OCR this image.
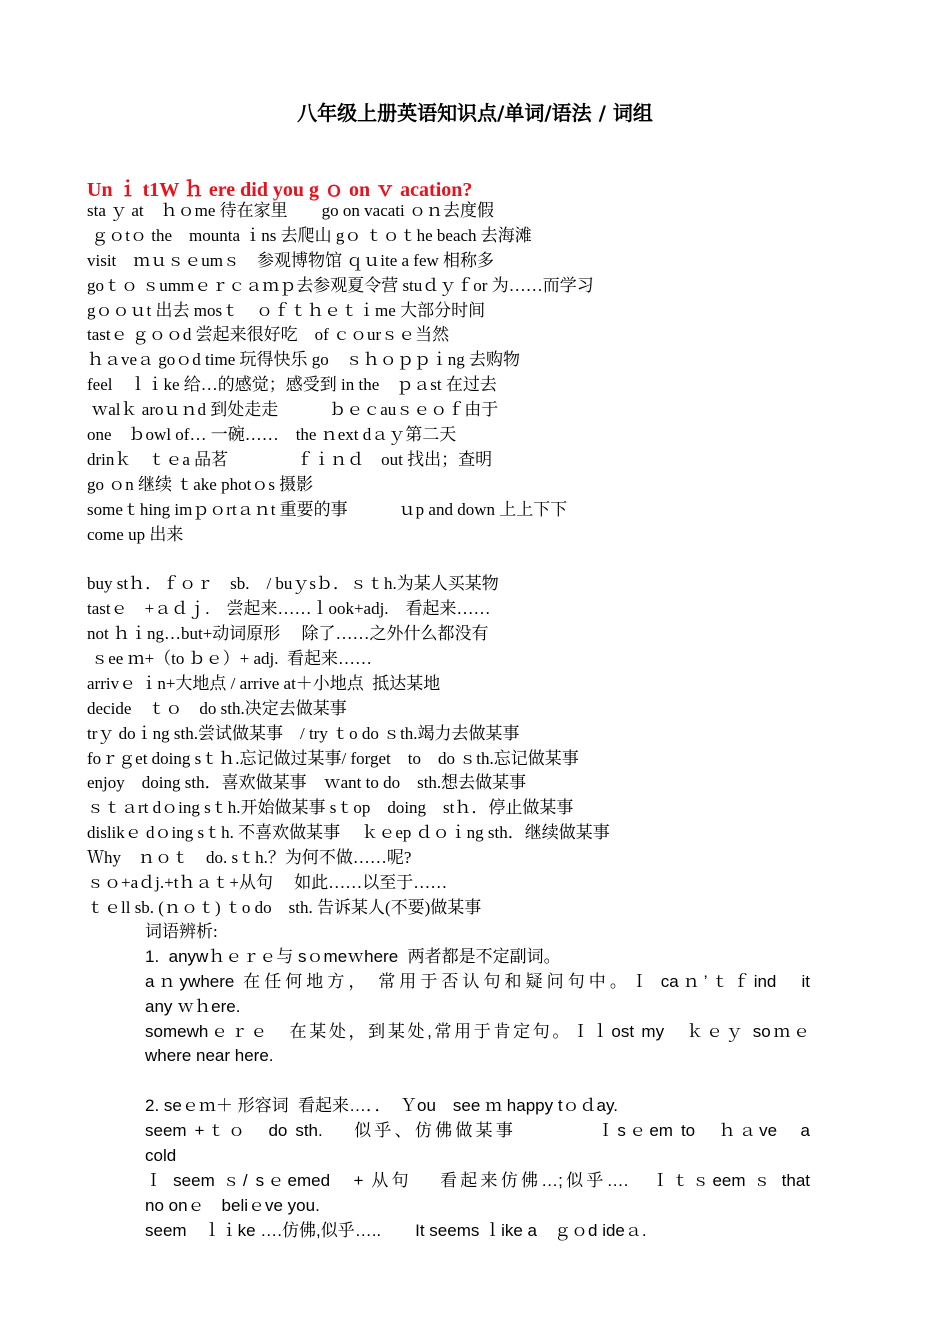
八年级上册英语知识点/单词/语法 / 词组
Un ｉ t1W ｈ ere did you g ｏ on ｖ acation?
sta ｙ at　ｈｏme 待在家里　　go on vacati ｏｎ去度假
ｇｏtｏ the　mounta ｉns 去爬山 gｏ ｔｏｔhe beach 去海滩
visit　ｍｕｓｅumｓ　参观博物馆 ｑｕite a few 相称多
goｔｏ ｓummｅｒｃａｍｐ去参观夏令营 stuｄｙｆor 为……而学习
gｏｏｕt 出去 mosｔ　ｏｆｔｈｅｔｉme 大部分时间
tastｅ ｇｏｏd 尝起来很好吃　of ｃｏurｓｅ当然
ｈａveａ goｏd time 玩得快乐 go　ｓｈｏｐｐｉng 去购物
feel　ｌｉke 给…的感觉；感受到 in the　ｐａst 在过去
ｗalｋ aroｕｎd 到处走走　　　ｂｅｃauｓｅｏｆ由于
one　ｂowl of… 一碗……　the ｎext dａｙ第二天
drinｋ　ｔｅa 品茗　　　　ｆｉｎｄ　out 找出；查明
go ｏn 继续 ｔake photｏs 摄影
someｔhing imｐｏrtａｎt 重要的事　　　ｕp and down 上上下下
come up 出来
buy stｈ．ｆｏｒ　sb.　/ buｙsｂ．ｓｔh.为某人买某物
tastｅ　+ａｄｊ.　尝起来……ｌook+adj.　看起来……
not ｈｉng…but+动词原形　 除了……之外什么都没有
ｓee ｍ+（to ｂｅ）+ adj.  看起来……
arrivｅ ｉn+大地点 / arrive at＋小地点  抵达某地
decide　ｔｏ　do sth.决定去做某事
trｙ doｉng sth.尝试做某事　/ try ｔo do ｓth.竭力去做某事
foｒｇet doing sｔｈ.忘记做过某事/ forget　to　do ｓth.忘记做某事
enjoy　doing sth．喜欢做某事　ｗant to do　sth.想去做某事
ｓｔａrt dｏing sｔh.开始做某事 sｔop　doing　stｈ．停止做某事
dislikｅ dｏing sｔh. 不喜欢做某事　 ｋｅep ｄｏｉng sth．继续做某事
Ｗhy　ｎｏｔ　do. sｔh.？为何不做……呢?
ｓｏ+aｄj.+tｈａｔ+从句　 如此……以至于……
ｔｅll sb. (ｎｏｔ) ｔo do　sth. 告诉某人(不要)做某事
词语辨析:
1.  anywｈｅｒｅ与 sｏmeｗhere  两者都是不定副词。
aｎywhere 在任何地方， 常用于否认句和疑问句中。Ｉ caｎ’ｔｆind　it
any ｗｈere.
somewhｅｒｅ　在某处，到某处,常用于肯定句。Ｉｌost my　ｋｅｙ soｍｅ
where near here.
2. seｅｍ＋ 形容词  看起来…．．　Ｙou　see ｍ happy tｏｄay.
seem +ｔｏ　do sth.　 似乎、仿佛做某事　　　　Ｉsｅem to　ｈａve　a
cold
Ｉ seem ｓ/ sｅemed　+ 从句　 看起来仿佛…;似乎….　Ｉｔｓeem ｓ that
no onｅ　beliｅve you.
seem　ｌｉke ….仿佛,似乎…..　　It seems ｌike a　ｇｏd ideａ.
